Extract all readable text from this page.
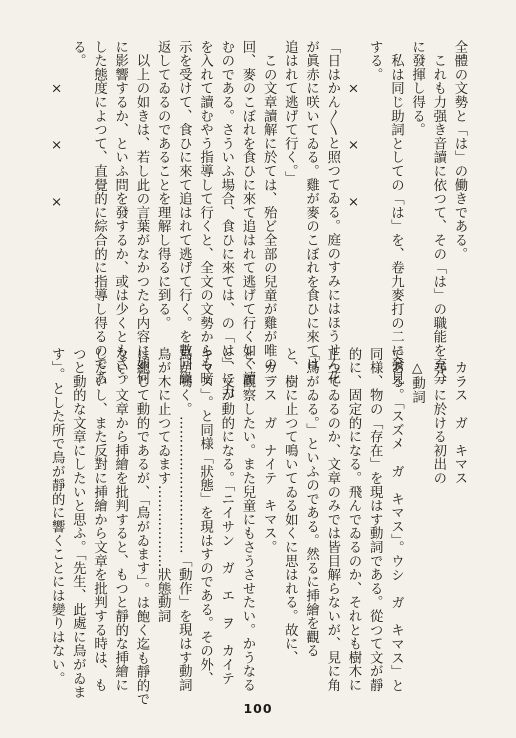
全體の文勢と「は」の働きである。
　これも力强き音讀に依つて、その「は」の職能を充分
に發揮し得る。
　私は同じ助詞としての「は」を、卷九麥打の二に發見
する。
　　　×　　　×　　　×
「日はかん〳〵と照つてゐる。庭のすみにはほうせん花
が眞赤に咲いてゐる。雞が麥のこぼれを食ひに來ては
追はれて逃げて行く。」
　この文章讀解に於ては、殆ど全部の兒童が雞が唯の一
回、麥のこぼれを食ひに來て追はれて逃げて行く如く讀
むのである。さういふ場合、食ひに來ては、の「は」に力
を入れて讀むやう指導して行くと、全文の文勢からも暗
示を受けて、食ひに來て追はれて逃げて行く。を數回繰
返してゐるのであることを理解し得るに到る。
　以上の如きは、若し此の言葉がなかつたら内容に如何
に影響するか、といふ問を發するか、或は少くともさう
した態度によつて、直覺的に綜合的に指導し得るのであ
る。
　　　×　　　×　　　×
　カラス　ガ　キマス
　尋一に於ける初出の
　△動詞
である。「スズメ　ガ　キマス」。ウシ　ガ　キマス」と
同様、物の「存在」を現はす動詞である。從つて文が靜
的に、固定的になる。飛んでゐるのか、それとも樹木に
止つてゐるのか、文章のみでは皆目解らないが、見に角
「鳥がゐる。」といふのである。然るに挿繪を觀る
と、樹に止つて鳴いてゐる如くに思はれる。故に、
　カラス　ガ　ナイテ　キマス。
と、觀察したい。また兒童にもさうさせたい。かうなる
と、文が動的になる。「ニイサン　ガ　エ　ヲ　カイテ
キマス」。と同様「狀態」を現はすのである。その外、
鳥が鳴く。…………………………「動作」を現はす動詞
鳥が木に止つてゐます………………狀態動詞
は總じて動的であるが、「鳥がゐます」。は飽く迄も靜的で
ない。文章から挿繪を批判すると、もつと靜的な挿繪に
したいし、また反對に挿繪から文章を批判する時は、も
つと動的な文章にしたいと思ふ。「先生、此處に鳥がゐま
す」。とした所で鳥が靜的に響くことには變りはない。
100
